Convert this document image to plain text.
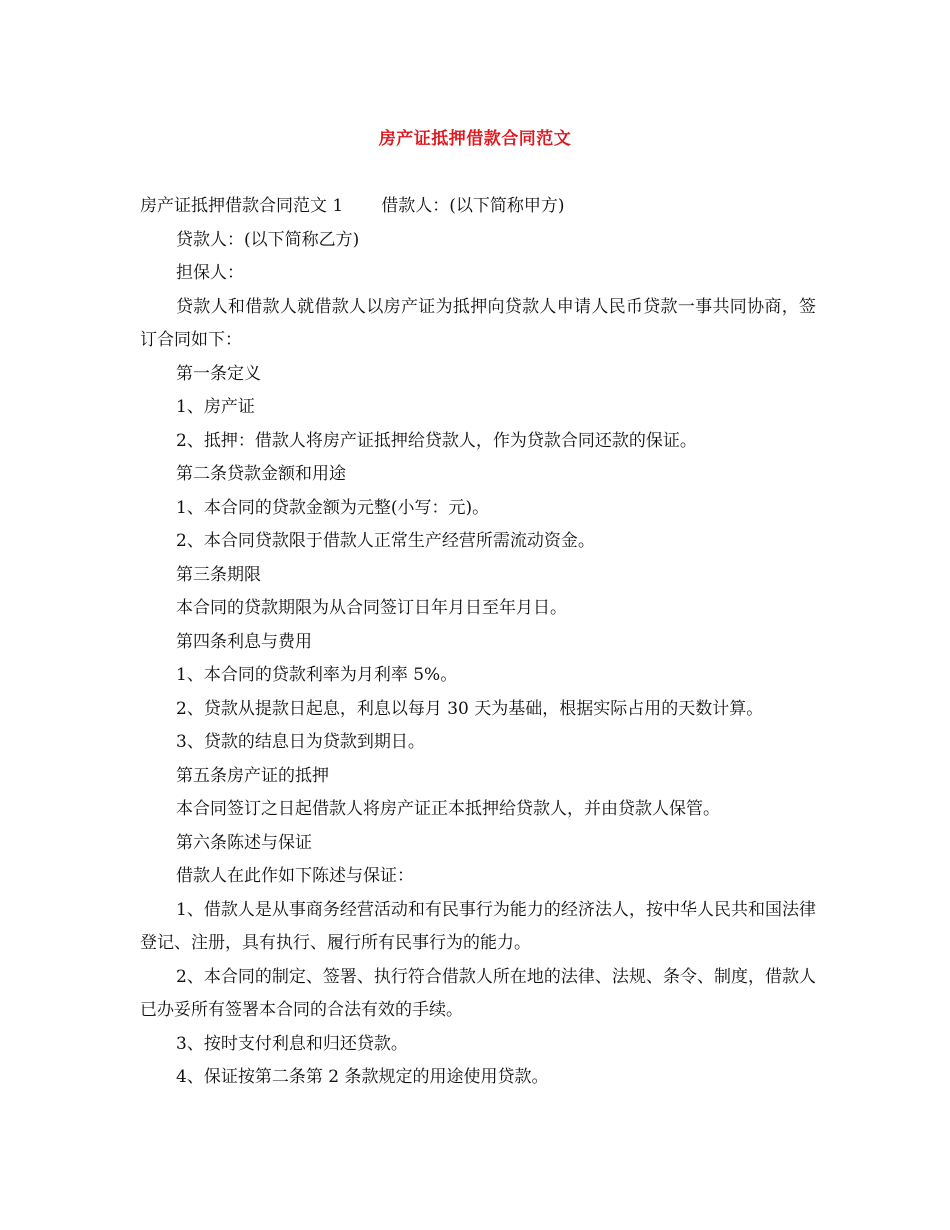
房产证抵押借款合同范文

房产证抵押借款合同范文 1 借款人：(以下简称甲方)

贷款人：(以下简称乙方)

担保人：

贷款人和借款人就借款人以房产证为抵押向贷款人申请人民币贷款一事共同协商，签订合同如下：

第一条定义

1、房产证

2、抵押：借款人将房产证抵押给贷款人，作为贷款合同还款的保证。

第二条贷款金额和用途

1、本合同的贷款金额为元整(小写：元)。

2、本合同贷款限于借款人正常生产经营所需流动资金。

第三条期限

本合同的贷款期限为从合同签订日年月日至年月日。

第四条利息与费用

1、本合同的贷款利率为月利率 5%。

2、贷款从提款日起息，利息以每月 30 天为基础，根据实际占用的天数计算。

3、贷款的结息日为贷款到期日。

第五条房产证的抵押

本合同签订之日起借款人将房产证正本抵押给贷款人，并由贷款人保管。

第六条陈述与保证

借款人在此作如下陈述与保证：

1、借款人是从事商务经营活动和有民事行为能力的经济法人，按中华人民共和国法律登记、注册，具有执行、履行所有民事行为的能力。

2、本合同的制定、签署、执行符合借款人所在地的法律、法规、条令、制度，借款人已办妥所有签署本合同的合法有效的手续。

3、按时支付利息和归还贷款。

4、保证按第二条第 2 条款规定的用途使用贷款。
